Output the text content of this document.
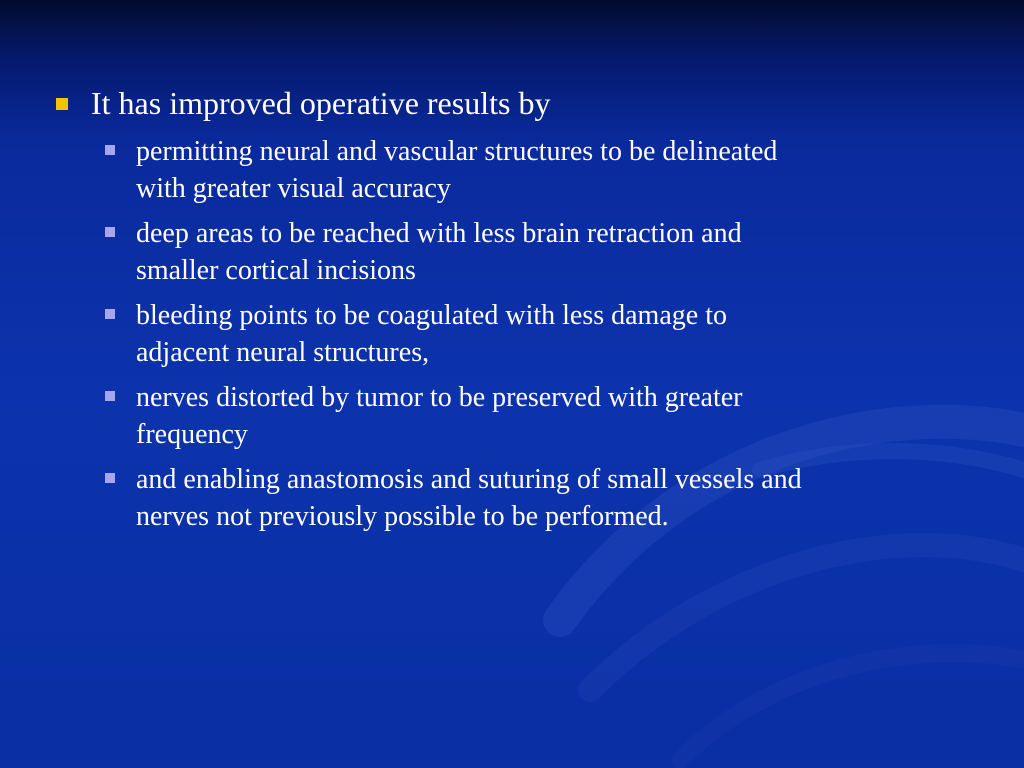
It has improved operative results by
permitting neural and vascular structures to be delineated
with greater visual accuracy
deep areas to be reached with less brain retraction and
smaller cortical incisions
bleeding points to be coagulated with less damage to
adjacent neural structures,
nerves distorted by tumor to be preserved with greater
frequency
and enabling anastomosis and suturing of small vessels and
nerves not previously possible to be performed.
